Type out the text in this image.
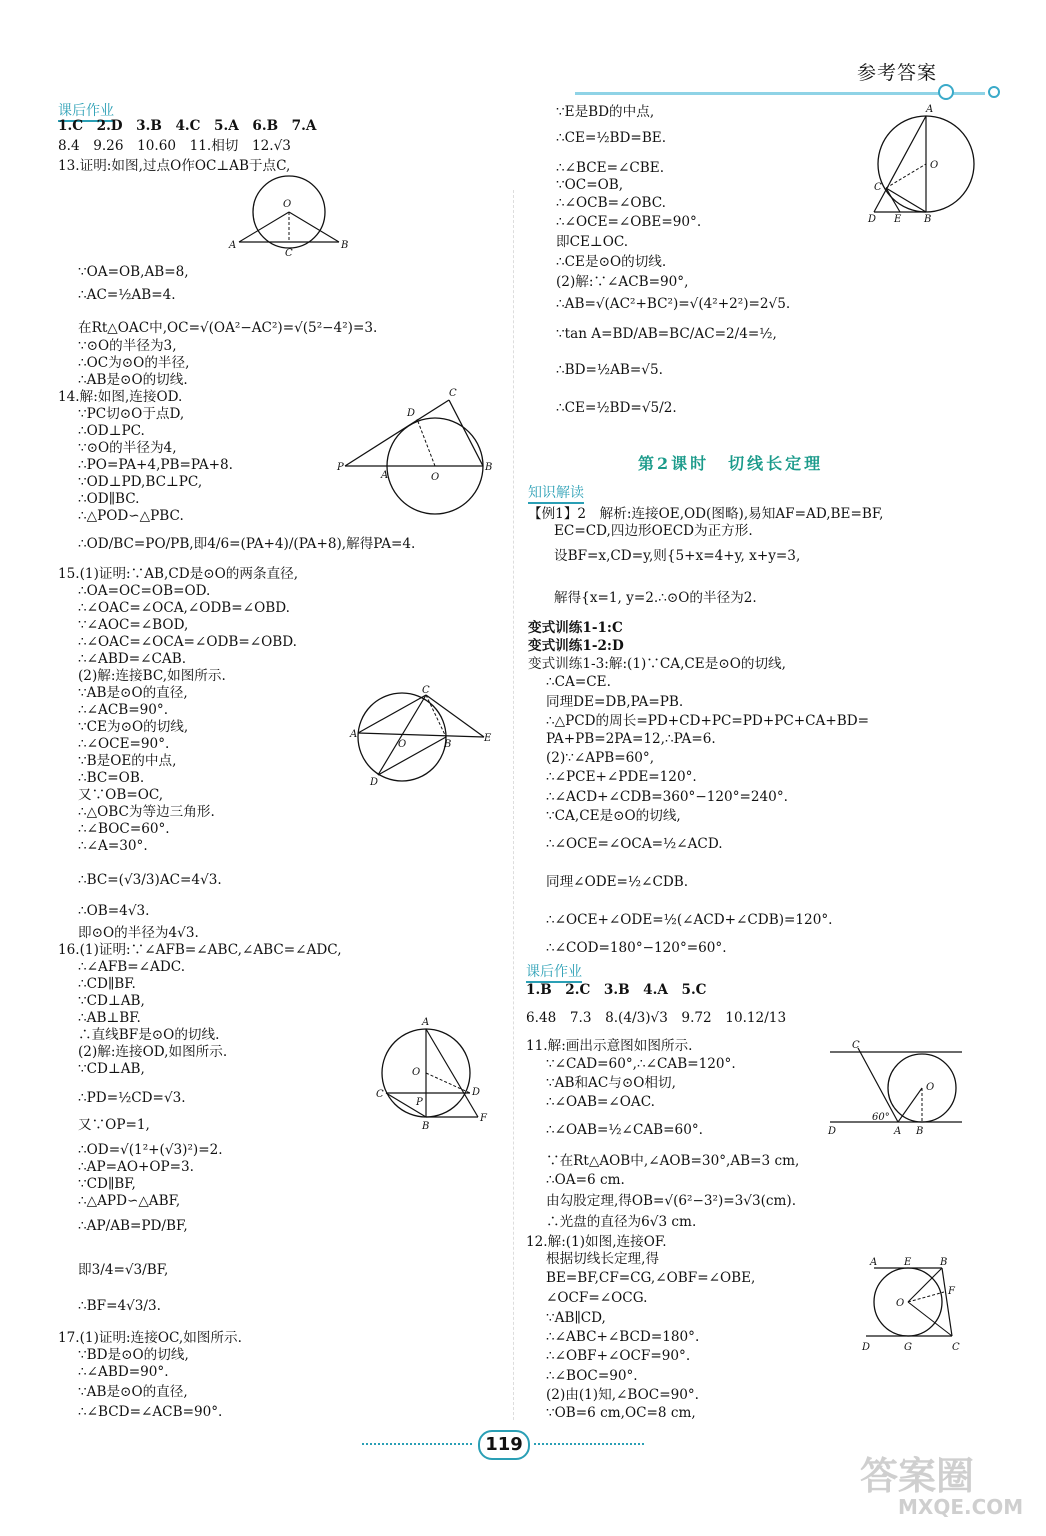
参考答案
课后作业
第2课时　切线长定理
知识解读
课后作业
1.C　2.D　3.B　4.C　5.A　6.B　7.A
8.4　9.26　10.60　11.相切　12.√3
13.证明:如图,过点O作OC⊥AB于点C,
∵OA=OB,AB=8,
∴AC=½AB=4.
在Rt△OAC中,OC=√(OA²−AC²)=√(5²−4²)=3.
∵⊙O的半径为3,
∴OC为⊙O的半径,
∴AB是⊙O的切线.
14.解:如图,连接OD.
∵PC切⊙O于点D,
∴OD⊥PC.
∵⊙O的半径为4,
∴PO=PA+4,PB=PA+8.
∵OD⊥PD,BC⊥PC,
∴OD∥BC.
∴△POD∽△PBC.
∴OD/BC=PO/PB,即4/6=(PA+4)/(PA+8),解得PA=4.
15.(1)证明:∵AB,CD是⊙O的两条直径,
∴OA=OC=OB=OD.
∴∠OAC=∠OCA,∠ODB=∠OBD.
∵∠AOC=∠BOD,
∴∠OAC=∠OCA=∠ODB=∠OBD.
∴∠ABD=∠CAB.
(2)解:连接BC,如图所示.
∵AB是⊙O的直径,
∴∠ACB=90°.
∵CE为⊙O的切线,
∴∠OCE=90°.
∵B是OE的中点,
∴BC=OB.
又∵OB=OC,
∴△OBC为等边三角形.
∴∠BOC=60°.
∴∠A=30°.
∴BC=(√3/3)AC=4√3.
∴OB=4√3.
即⊙O的半径为4√3.
16.(1)证明:∵∠AFB=∠ABC,∠ABC=∠ADC,
∴∠AFB=∠ADC.
∴CD∥BF.
∵CD⊥AB,
∴AB⊥BF.
∴直线BF是⊙O的切线.
(2)解:连接OD,如图所示.
∵CD⊥AB,
∴PD=½CD=√3.
又∵OP=1,
∴OD=√(1²+(√3)²)=2.
∴AP=AO+OP=3.
∵CD∥BF,
∴△APD∽△ABF,
∴AP/AB=PD/BF,
即3/4=√3/BF,
∴BF=4√3/3.
17.(1)证明:连接OC,如图所示.
∵BD是⊙O的切线,
∴∠ABD=90°.
∵AB是⊙O的直径,
∴∠BCD=∠ACB=90°.
∵E是BD的中点,
∴CE=½BD=BE.
∴∠BCE=∠CBE.
∵OC=OB,
∴∠OCB=∠OBC.
∴∠OCE=∠OBE=90°.
即CE⊥OC.
∴CE是⊙O的切线.
(2)解:∵∠ACB=90°,
∴AB=√(AC²+BC²)=√(4²+2²)=2√5.
∵tan A=BD/AB=BC/AC=2/4=½,
∴BD=½AB=√5.
∴CE=½BD=√5/2.
【例1】2　解析:连接OE,OD(图略),易知AF=AD,BE=BF,
EC=CD,四边形OECD为正方形.
设BF=x,CD=y,则{5+x=4+y, x+y=3,
解得{x=1, y=2.∴⊙O的半径为2.
变式训练1-1:C
变式训练1-2:D
变式训练1-3:解:(1)∵CA,CE是⊙O的切线,
∴CA=CE.
同理DE=DB,PA=PB.
∴△PCD的周长=PD+CD+PC=PD+PC+CA+BD=
PA+PB=2PA=12,∴PA=6.
(2)∵∠APB=60°,
∴∠PCE+∠PDE=120°.
∴∠ACD+∠CDB=360°−120°=240°.
∵CA,CE是⊙O的切线,
∴∠OCE=∠OCA=½∠ACD.
同理∠ODE=½∠CDB.
∴∠OCE+∠ODE=½(∠ACD+∠CDB)=120°.
∴∠COD=180°−120°=60°.
1.B　2.C　3.B　4.A　5.C
6.48　7.3　8.(4/3)√3　9.72　10.12/13
11.解:画出示意图如图所示.
∵∠CAD=60°,∴∠CAB=120°.
∵AB和AC与⊙O相切,
∴∠OAB=∠OAC.
∴∠OAB=½∠CAB=60°.
∵在Rt△AOB中,∠AOB=30°,AB=3 cm,
∴OA=6 cm.
由勾股定理,得OB=√(6²−3²)=3√3(cm).
∴光盘的直径为6√3 cm.
12.解:(1)如图,连接OF.
根据切线长定理,得
BE=BF,CF=CG,∠OBF=∠OBE,
∠OCF=∠OCG.
∵AB∥CD,
∴∠ABC+∠BCD=180°.
∴∠OBF+∠OCF=90°.
∴∠BOC=90°.
(2)由(1)知,∠BOC=90°.
∵OB=6 cm,OC=8 cm,
O
A
C
B
C
D
P
A	O
B
C
A
O	B
E
D
A
O
C
P
D
B
F
A
O
C
D E B
C
O
60°
D	A B
A	E	B
O
F
D	G	C
119
答案圈
MXQE.COM
